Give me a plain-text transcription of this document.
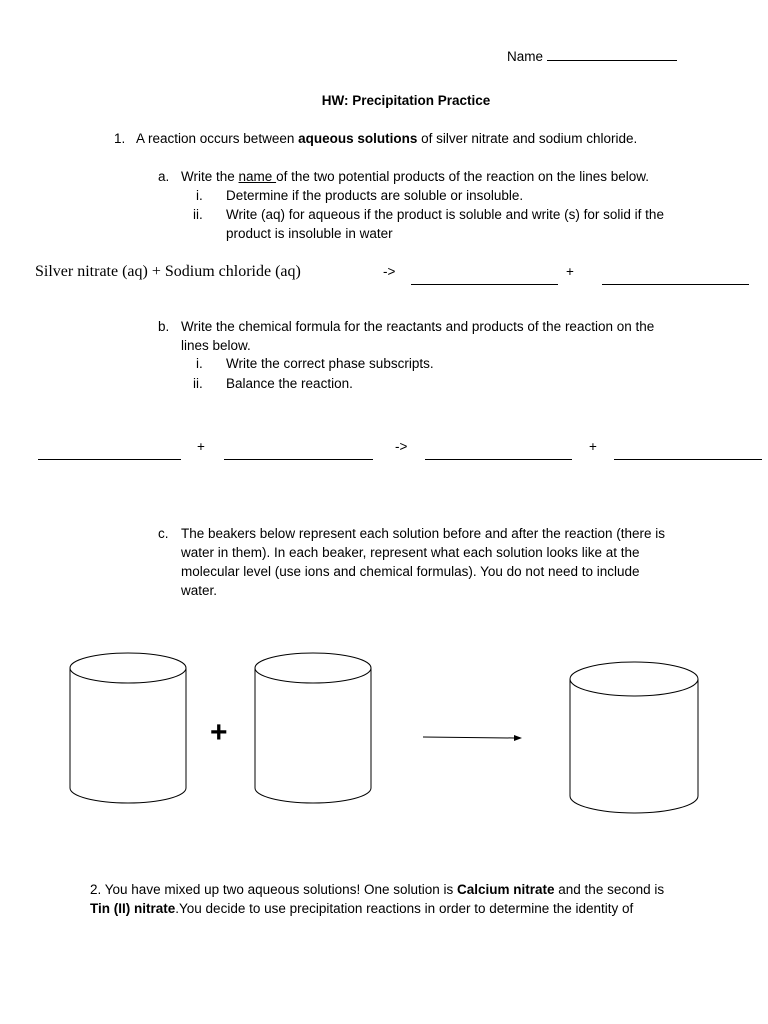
Name
HW: Precipitation Practice
1. A reaction occurs between aqueous solutions of silver nitrate and sodium chloride.
a. Write the name of the two potential products of the reaction on the lines below.
i. Determine if the products are soluble or insoluble.
ii. Write (aq) for aqueous if the product is soluble and write (s) for solid if the
product is insoluble in water
Silver nitrate (aq) + Sodium chloride (aq)	->	+
b. Write the chemical formula for the reactants and products of the reaction on the
lines below.
i. Write the correct phase subscripts.
ii. Balance the reaction.
+	->	+
c. The beakers below represent each solution before and after the reaction (there is
water in them). In each beaker, represent what each solution looks like at the
molecular level (use ions and chemical formulas). You do not need to include
water.
+
2. You have mixed up two aqueous solutions! One solution is Calcium nitrate and the second is
Tin (II) nitrate.You decide to use precipitation reactions in order to determine the identity of
